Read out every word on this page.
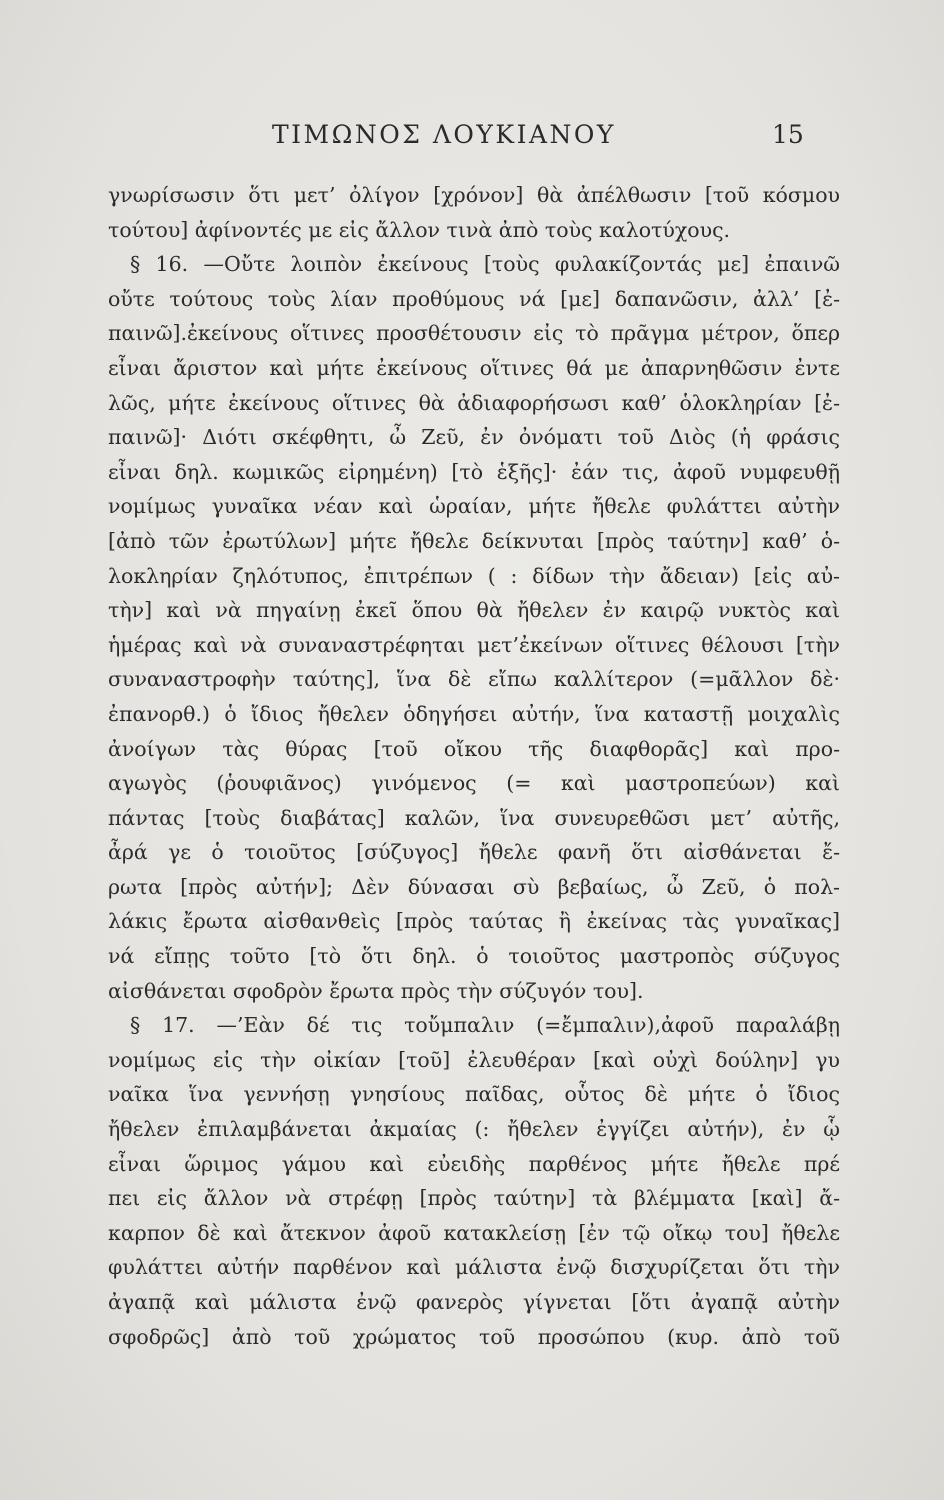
ΤΙΜΩΝΟΣ ΛΟΥΚΙΑΝΟΥ	15
γνωρίσωσιν ὅτι μετ’ ὀλίγον [χρόνον] θὰ ἀπέλθωσιν [τοῦ κόσμου
τούτου] ἀφίνοντές με εἰς ἄλλον τινὰ ἀπὸ τοὺς καλοτύχους.
§ 16. —Οὔτε λοιπὸν ἐκείνους [τοὺς φυλακίζοντάς με] ἐπαινῶ
οὔτε τούτους τοὺς λίαν προθύμους νά [με] δαπανῶσιν, ἀλλ’ [ἐ-
παινῶ].ἐκείνους οἵτινες προσθέτουσιν εἰς τὸ πρᾶγμα μέτρον, ὅπερ
εἶναι ἄριστον καὶ μήτε ἐκείνους οἵτινες θά με ἀπαρνηθῶσιν ἐντε
λῶς, μήτε ἐκείνους οἵτινες θὰ ἀδιαφορήσωσι καθ’ ὁλοκληρίαν [ἐ-
παινῶ]· Διότι σκέφθητι, ὦ Ζεῦ, ἐν ὀνόματι τοῦ Διὸς (ἡ φράσις
εἶναι δηλ. κωμικῶς εἰρημένη) [τὸ ἑξῆς]· ἐάν τις, ἀφοῦ νυμφευθῇ
νομίμως γυναῖκα νέαν καὶ ὡραίαν, μήτε ἤθελε φυλάττει αὐτὴν
[ἀπὸ τῶν ἐρωτύλων] μήτε ἤθελε δείκνυται [πρὸς ταύτην] καθ’ ὁ-
λοκληρίαν ζηλότυπος, ἐπιτρέπων ( : δίδων τὴν ἄδειαν) [εἰς αὐ-
τὴν] καὶ νὰ πηγαίνῃ ἐκεῖ ὅπου θὰ ἤθελεν ἐν καιρῷ νυκτὸς καὶ
ἡμέρας καὶ νὰ συναναστρέφηται μετ’ἐκείνων οἵτινες θέλουσι [τὴν
συναναστροφὴν ταύτης], ἵνα δὲ εἴπω καλλίτερον (=μᾶλλον δὲ·
ἐπανορθ.) ὁ ἴδιος ἤθελεν ὁδηγήσει αὐτήν, ἵνα καταστῇ μοιχαλὶς
ἀνοίγων τὰς θύρας [τοῦ οἴκου τῆς διαφθορᾶς] καὶ προ-
αγωγὸς (ῥουφιᾶνος) γινόμενος (= καὶ μαστροπεύων) καὶ
πάντας [τοὺς διαβάτας] καλῶν, ἵνα συνευρεθῶσι μετ’ αὐτῆς,
ἆρά γε ὁ τοιοῦτος [σύζυγος] ἤθελε φανῆ ὅτι αἰσθάνεται ἔ-
ρωτα [πρὸς αὐτήν]; Δὲν δύνασαι σὺ βεβαίως, ὦ Ζεῦ, ὁ πολ-
λάκις ἔρωτα αἰσθανθεὶς [πρὸς ταύτας ἢ ἐκείνας τὰς γυναῖκας]
νά εἴπῃς τοῦτο [τὸ ὅτι δηλ. ὁ τοιοῦτος μαστροπὸς σύζυγος
αἰσθάνεται σφοδρὸν ἔρωτα πρὸς τὴν σύζυγόν του].
§ 17. —’Εὰν δέ τις τοὔμπαλιν (=ἔμπαλιν),ἀφοῦ παραλάβῃ
νομίμως εἰς τὴν οἰκίαν [τοῦ] ἐλευθέραν [καὶ οὐχὶ δούλην] γυ
ναῖκα ἵνα γεννήσῃ γνησίους παῖδας, οὗτος δὲ μήτε ὁ ἴδιος
ἤθελεν ἐπιλαμβάνεται ἀκμαίας (: ἤθελεν ἐγγίζει αὐτήν), ἐν ᾧ
εἶναι ὥριμος γάμου καὶ εὐειδὴς παρθένος μήτε ἤθελε πρέ
πει εἰς ἄλλον νὰ στρέφῃ [πρὸς ταύτην] τὰ βλέμματα [καὶ] ἄ-
καρπον δὲ καὶ ἄτεκνον ἀφοῦ κατακλείσῃ [ἐν τῷ οἴκῳ του] ἤθελε
φυλάττει αὐτήν παρθένον καὶ μάλιστα ἐνῷ δισχυρίζεται ὅτι τὴν
ἀγαπᾷ καὶ μάλιστα ἐνῷ φανερὸς γίγνεται [ὅτι ἀγαπᾷ αὐτὴν
σφοδρῶς] ἀπὸ τοῦ χρώματος τοῦ προσώπου (κυρ. ἀπὸ τοῦ
